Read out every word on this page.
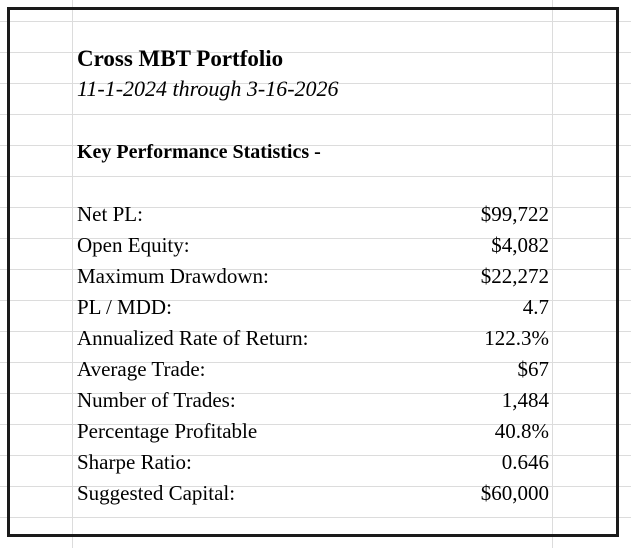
Cross MBT Portfolio
11-1-2024 through 3-16-2026
Key Performance Statistics -
Net PL:	$99,722
Open Equity:	$4,082
Maximum Drawdown:	$22,272
PL / MDD:	4.7
Annualized Rate of Return:	122.3%
Average Trade:	$67
Number of Trades:	1,484
Percentage Profitable	40.8%
Sharpe Ratio:	0.646
Suggested Capital:	$60,000
